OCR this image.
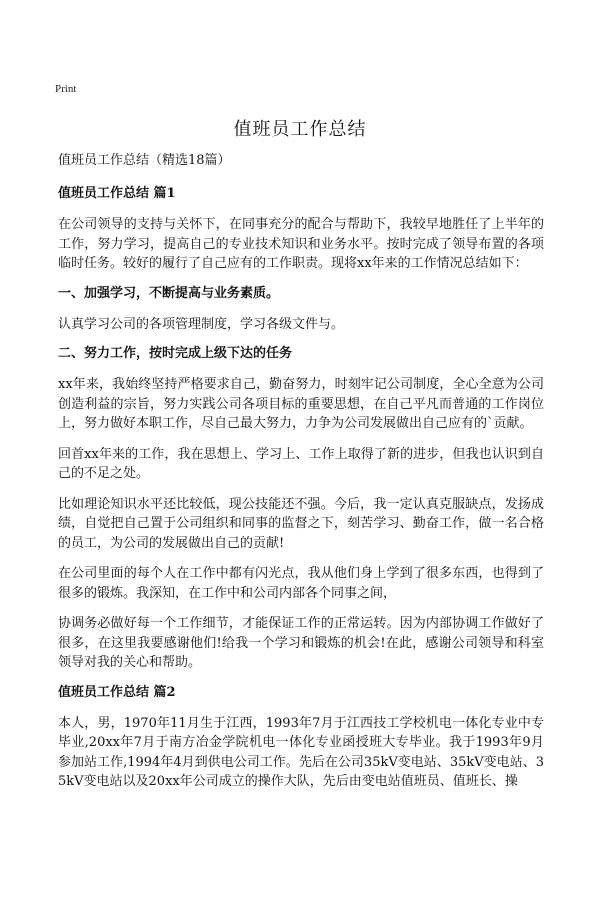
Print
值班员工作总结

值班员工作总结（精选18篇）

值班员工作总结 篇1

在公司领导的支持与关怀下，在同事充分的配合与帮助下，我较早地胜任了上半年的工作，努力学习，提高自己的专业技术知识和业务水平。按时完成了领导布置的各项临时任务。较好的履行了自己应有的工作职责。现将xx年来的工作情况总结如下：

一、加强学习，不断提高与业务素质。

认真学习公司的各项管理制度，学习各级文件与。

二、努力工作，按时完成上级下达的任务

xx年来，我始终坚持严格要求自己，勤奋努力，时刻牢记公司制度，全心全意为公司创造利益的宗旨，努力实践公司各项目标的重要思想，在自己平凡而普通的工作岗位上，努力做好本职工作，尽自己最大努力，力争为公司发展做出自己应有的`贡献。

回首xx年来的工作，我在思想上、学习上、工作上取得了新的进步，但我也认识到自己的不足之处。

比如理论知识水平还比较低，现公技能还不强。今后，我一定认真克服缺点，发扬成绩，自觉把自己置于公司组织和同事的监督之下，刻苦学习、勤奋工作，做一名合格的员工，为公司的发展做出自己的贡献!

在公司里面的每个人在工作中都有闪光点，我从他们身上学到了很多东西，也得到了很多的锻炼。我深知，在工作中和公司内部各个同事之间，

协调务必做好每一个工作细节，才能保证工作的正常运转。因为内部协调工作做好了很多，在这里我要感谢他们!给我一个学习和锻炼的机会!在此，感谢公司领导和科室领导对我的关心和帮助。

值班员工作总结 篇2

本人，男，1970年11月生于江西，1993年7月于江西技工学校机电一体化专业中专毕业,20xx年7月于南方冶金学院机电一体化专业函授班大专毕业。我于1993年9月参加站工作,1994年4月到供电公司工作。先后在公司35kV变电站、35kV变电站、35kV变电站以及20xx年公司成立的操作大队，先后由变电站值班员、值班长、操
